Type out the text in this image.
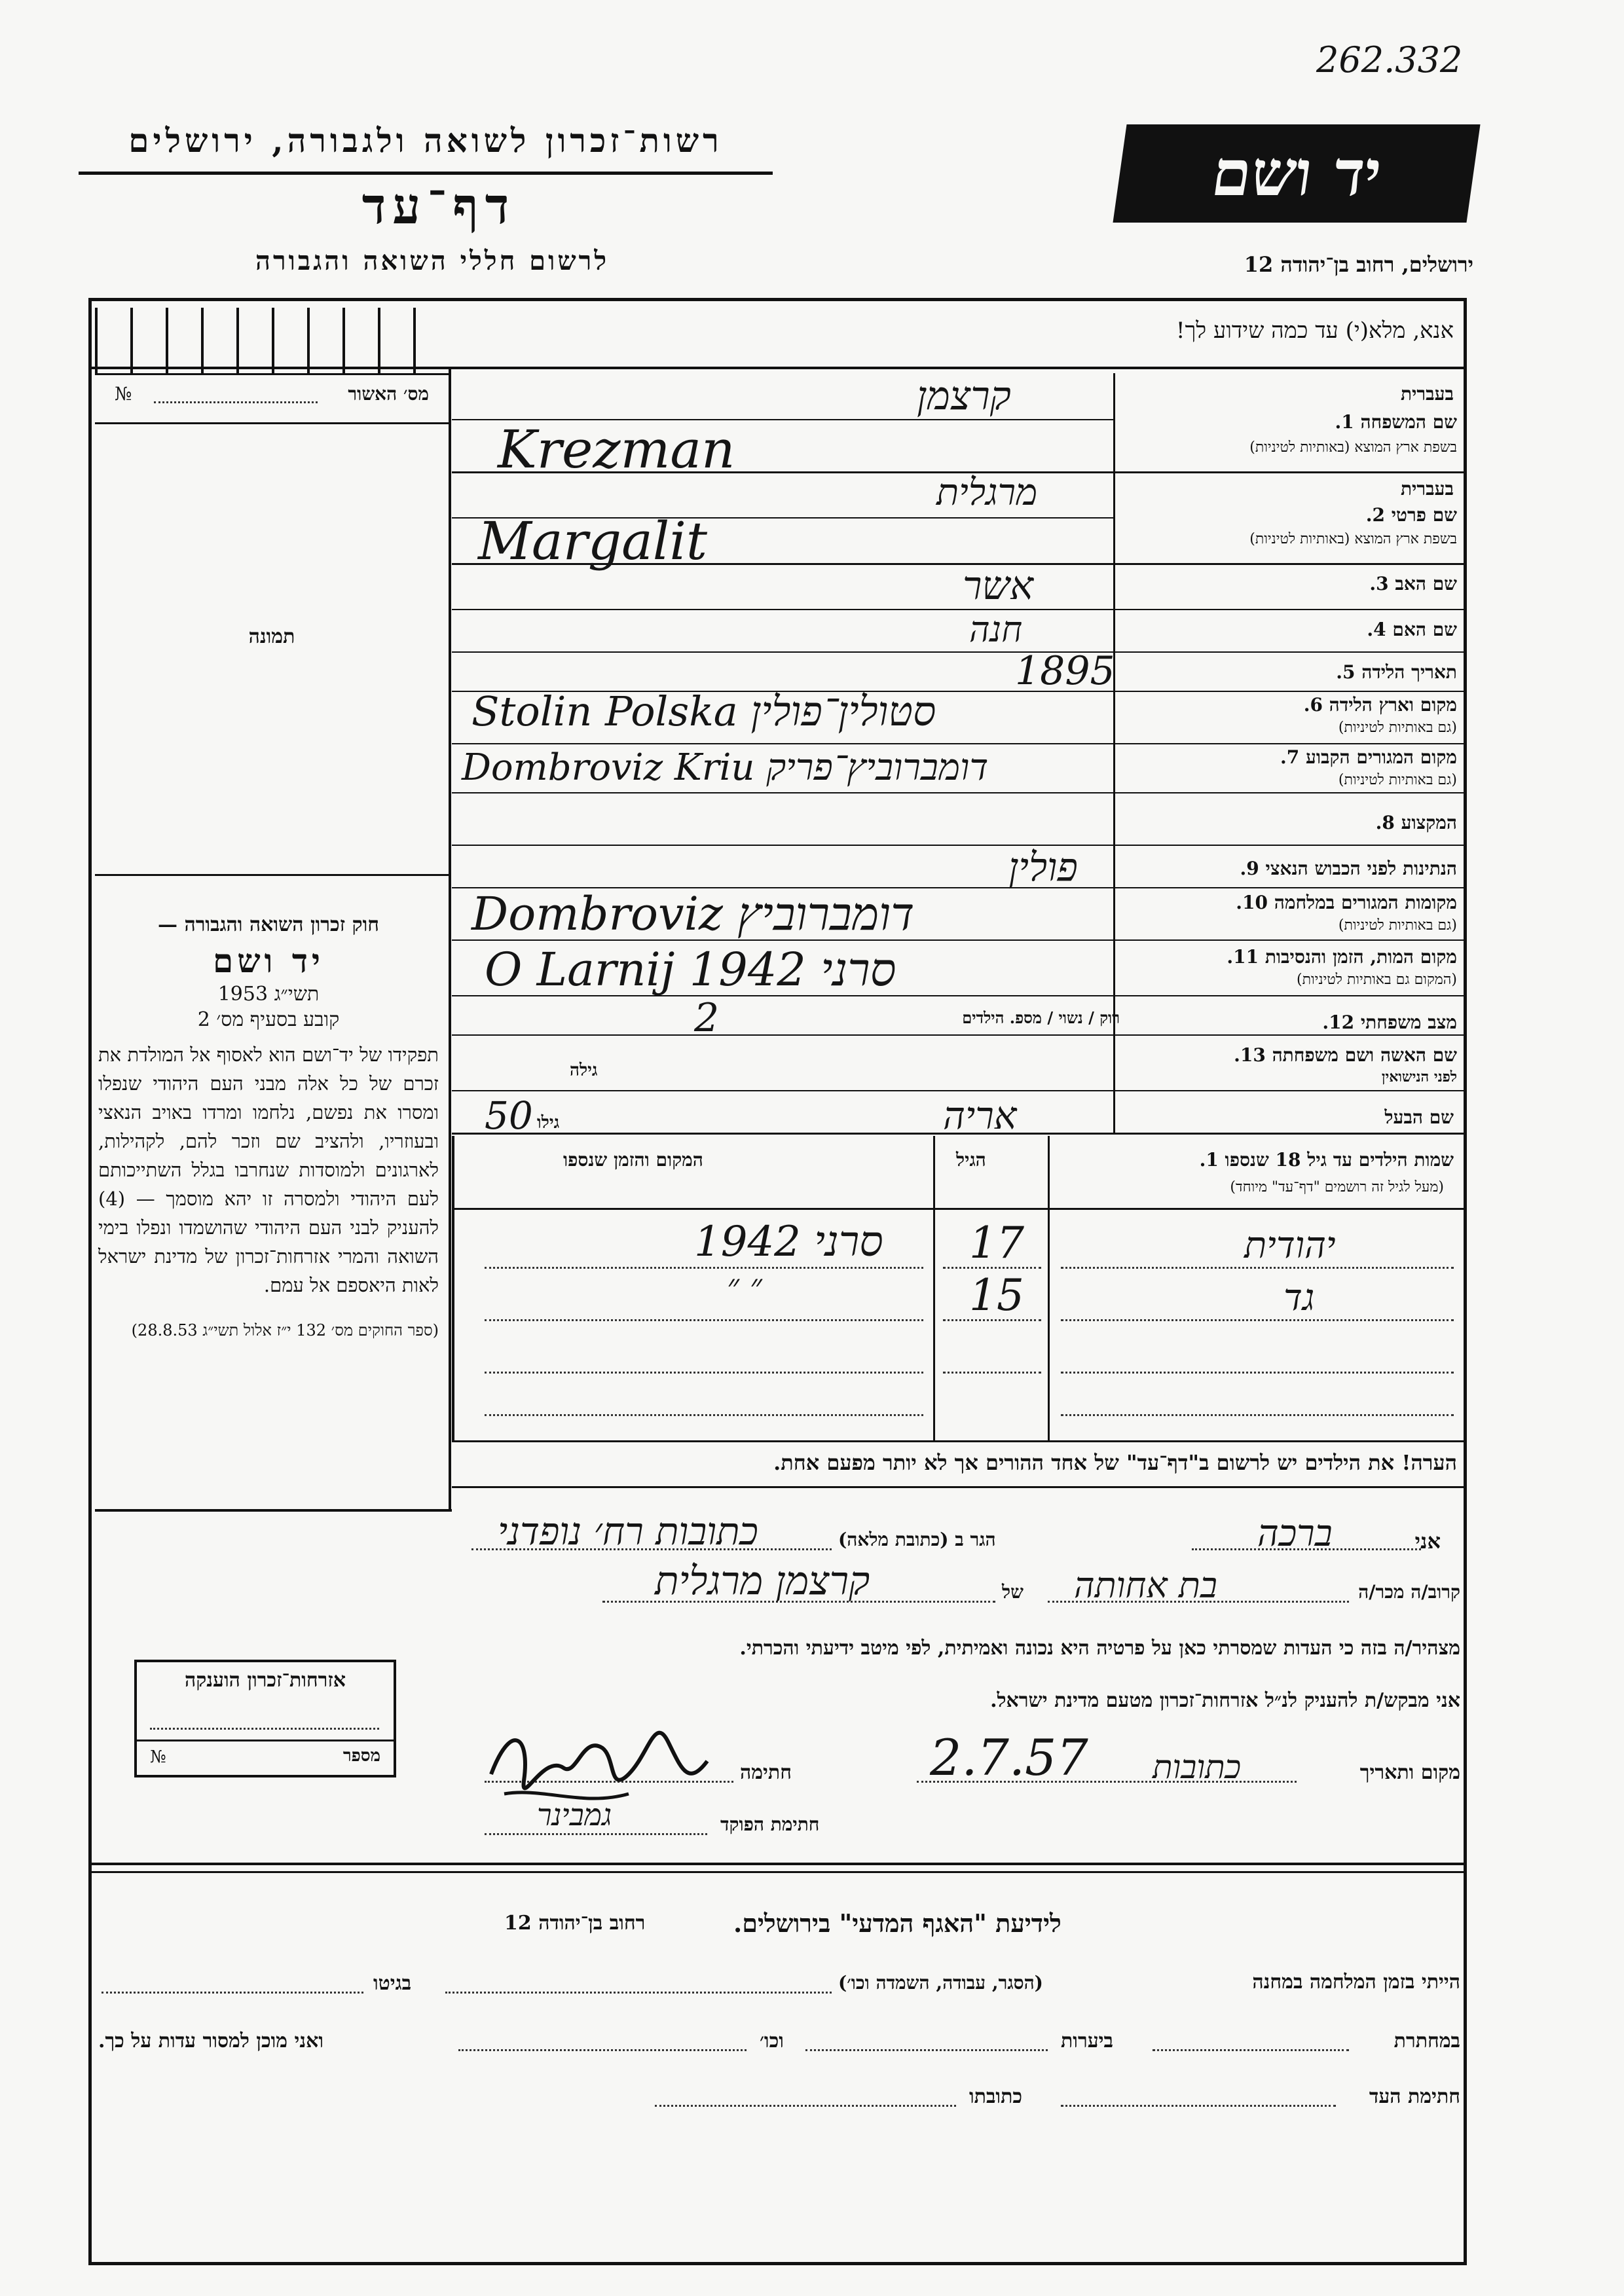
262.332
רשות־זכרון לשואה ולגבורה, ירושלים
דף־עד
לרשום חללי השואה והגבורה
יד ושם
ירושלים, רחוב בן־יהודה 12
אנא, מלא(י) עד כמה שידוע לך!
№	מס׳ האשור
תמונה
חוק זכרון השואה והגבורה —
יד ושם
תשי״ג 1953
קובע בסעיף מס׳ 2
תפקידו של יד־ושם הוא לאסוף אל המולדת את זכרם של כל אלה מבני העם היהודי שנפלו ומסרו את נפשם, נלחמו ומרדו באויב הנאצי ובעוזריו, ולהציב שם וזכר להם, לקהילות, לארגונים ולמוסדות שנחרבו בגלל השתייכותם לעם היהודי ולמסרה זו יהא מוסמך — (4) להעניק לבני העם היהודי שהושמדו ונפלו בימי השואה והמרי אזרחות־זכרון של מדינת ישראל לאות היאספם אל עמם.
(ספר החוקים מס׳ 132 י״ז אלול תשי״ג 28.8.53)
בעברית
שם המשפחה 1.
בשפת ארץ המוצא (באותיות לטיניות)
קרצמן
Krezman
בעברית
שם פרטי 2.
בשפת ארץ המוצא (באותיות לטיניות)
מרגלית
Margalit
שם האב 3.
אשר
שם האם 4.
חנה
תאריך הלידה 5.
1895
מקום וארץ הלידה 6.
(גם באותיות לטיניות)
Stolin Polska סטולין־פולין
מקום המגורים הקבוע 7.
(גם באותיות לטיניות)
Dombroviz Kriu דומברוביץ־פריק
המקצוע 8.
הנתינות לפני הכבוש הנאצי 9.
פולין
מקומות המגורים במלחמה 10.
(גם באותיות לטיניות)
Dombroviz דומברוביץ
מקום המות, הזמן והנסיבות 11.
(המקום גם באותיות לטיניות)
O Larnij 1942 סרני
מצב משפחתי 12.
רוק / נשוי / מספ. הילדים
2
שם האשה ושם משפחתה 13.
לפני הנישואין
גילה
שם הבעל
אריה
גילו
50
שמות הילדים עד גיל 18 שנספו 1.
(מעל לגיל זה רושמים "דף־עד" מיוחד)
הגיל
המקום והזמן שנספו
יהודית
17
1942 סרני
גד
15
״ ״
הערה! את הילדים יש לרשום ב"דף־עד" של אחד ההורים אך לא יותר מפעם אחת.
אני
ברכה
הגר ב (כתובת מלאה)
כתובות רח׳ נופדני
קרוב/ה מכר/ה
בת אחותה
של
קרצמן מרגלית
מצהיר/ה בזה כי העדות שמסרתי כאן על פרטיה היא נכונה ואמיתית, לפי מיטב ידיעתי והכרתי.
אני מבקש/ת להעניק לנ״ל אזרחות־זכרון מטעם מדינת ישראל.
מקום ותאריך
כתובות
2.7.57
חתימה
חתימת הפוקד
גמבינר
אזרחות־זכרון הוענקה
№	מספר
לידיעת "האגף המדעי" בירושלים.
רחוב בן־יהודה 12
הייתי בזמן המלחמה במחנה
(הסגר, עבודה, השמדה וכו׳)
בגיטו
במחתרת
ביערות
וכו׳
ואני מוכן למסור עדות על כך.
חתימת העד
כתובתו
